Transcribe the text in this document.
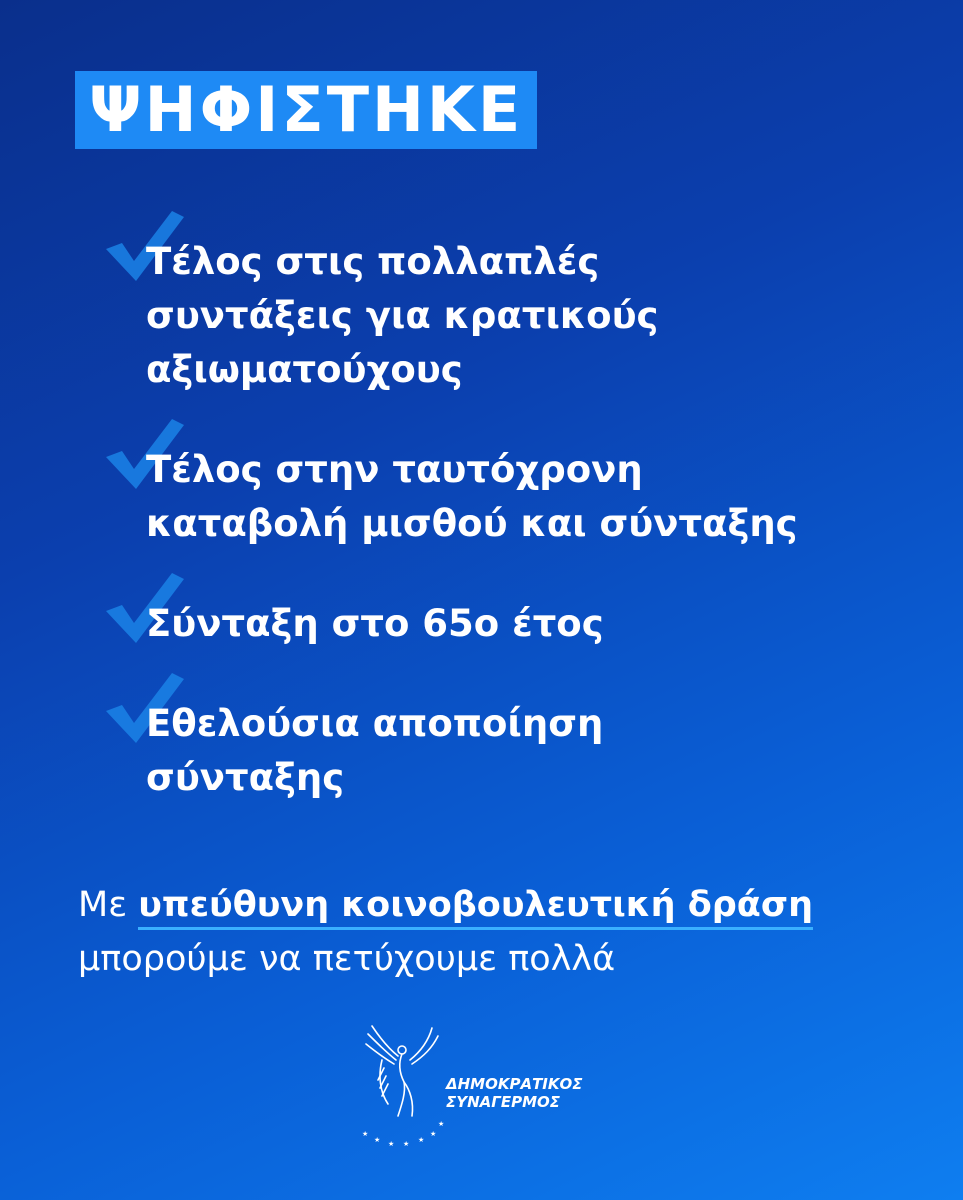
ΨΗΦΙΣΤΗΚΕ
Τέλος στις πολλαπλές
συντάξεις για κρατικούς
αξιωματούχους
Τέλος στην ταυτόχρονη
καταβολή μισθού και σύνταξης
Σύνταξη στο 65ο έτος
Εθελούσια αποποίηση
σύνταξης
Με υπεύθυνη κοινοβουλευτική δράση
μπορούμε να πετύχουμε πολλά
★
★ ★ ★ ★
★
★
ΔΗΜΟΚΡΑΤΙΚΟΣ
ΣΥΝΑΓΕΡΜΟΣ
